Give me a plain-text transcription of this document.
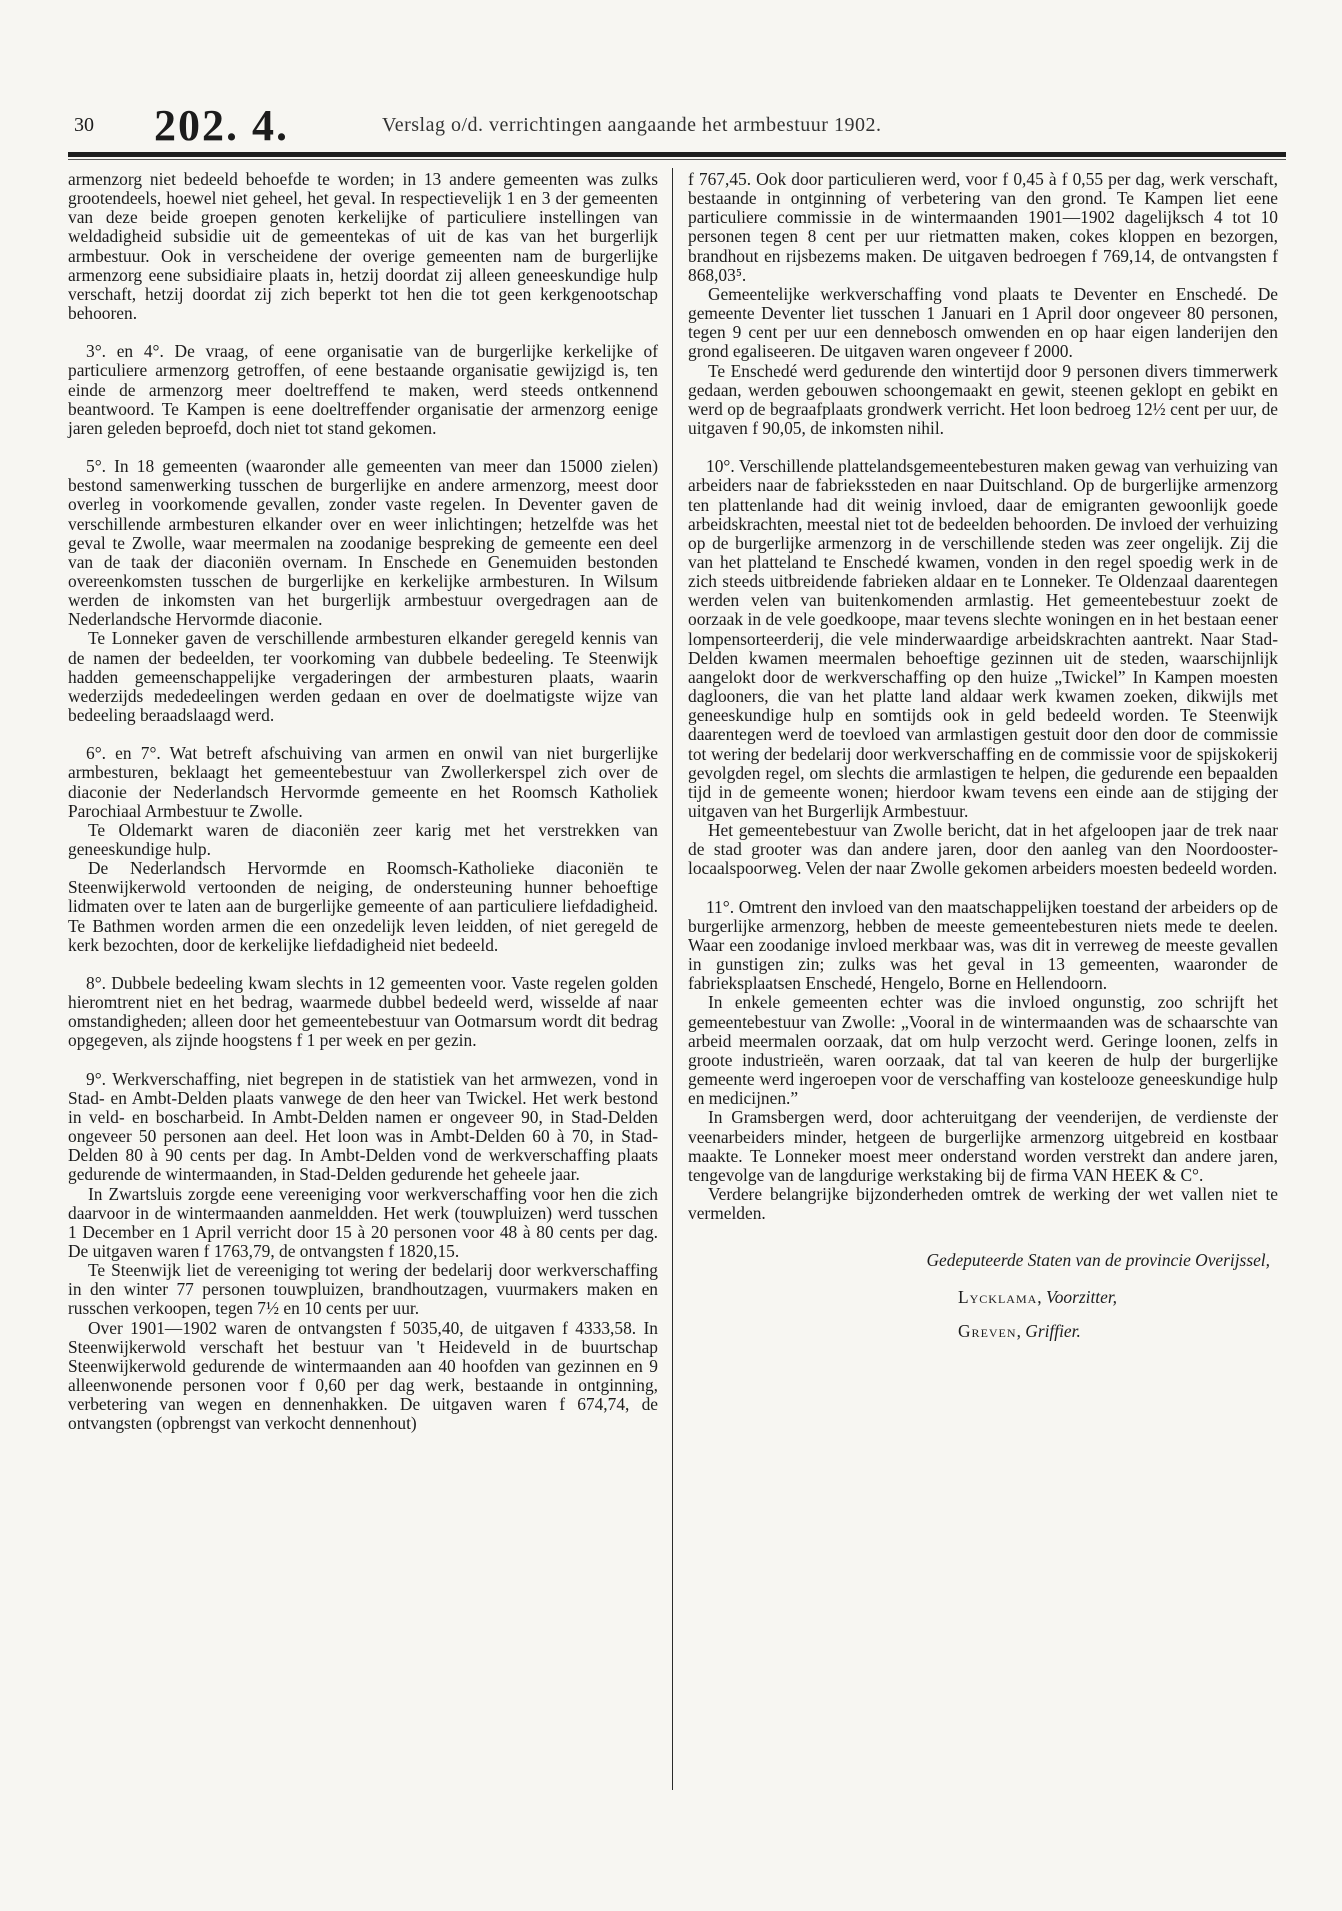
30 202. 4.	Verslag o/d. verrichtingen aangaande het armbestuur 1902.

armenzorg niet bedeeld behoefde te worden; in 13 andere gemeenten was zulks grootendeels, hoewel niet geheel, het geval. In respectievelijk 1 en 3 der gemeenten van deze beide groepen genoten kerkelijke of particuliere instellingen van weldadigheid subsidie uit de gemeentekas of uit de kas van het burgerlijk armbestuur. Ook in verscheidene der overige gemeenten nam de burgerlijke armenzorg eene subsidiaire plaats in, hetzij doordat zij alleen geneeskundige hulp verschaft, hetzij doordat zij zich beperkt tot hen die tot geen kerkgenootschap behooren.

3°. en 4°. De vraag, of eene organisatie van de burgerlijke kerkelijke of particuliere armenzorg getroffen, of eene bestaande organisatie gewijzigd is, ten einde de armenzorg meer doeltreffend te maken, werd steeds ontkennend beantwoord. Te Kampen is eene doeltreffender organisatie der armenzorg eenige jaren geleden beproefd, doch niet tot stand gekomen.

5°. In 18 gemeenten (waaronder alle gemeenten van meer dan 15000 zielen) bestond samenwerking tusschen de burgerlijke en andere armenzorg, meest door overleg in voorkomende gevallen, zonder vaste regelen. In Deventer gaven de verschillende armbesturen elkander over en weer inlichtingen; hetzelfde was het geval te Zwolle, waar meermalen na zoodanige bespreking de gemeente een deel van de taak der diaconiën overnam. In Enschede en Genemuiden bestonden overeenkomsten tusschen de burgerlijke en kerkelijke armbesturen. In Wilsum werden de inkomsten van het burgerlijk armbestuur overgedragen aan de Nederlandsche Hervormde diaconie.

Te Lonneker gaven de verschillende armbesturen elkander geregeld kennis van de namen der bedeelden, ter voorkoming van dubbele bedeeling. Te Steenwijk hadden gemeenschappelijke vergaderingen der armbesturen plaats, waarin wederzijds mededeelingen werden gedaan en over de doelmatigste wijze van bedeeling beraadslaagd werd.

6°. en 7°. Wat betreft afschuiving van armen en onwil van niet burgerlijke armbesturen, beklaagt het gemeentebestuur van Zwollerkerspel zich over de diaconie der Nederlandsch Hervormde gemeente en het Roomsch Katholiek Parochiaal Armbestuur te Zwolle.

Te Oldemarkt waren de diaconiën zeer karig met het verstrekken van geneeskundige hulp.

De Nederlandsch Hervormde en Roomsch-Katholieke diaconiën te Steenwijkerwold vertoonden de neiging, de ondersteuning hunner behoeftige lidmaten over te laten aan de burgerlijke gemeente of aan particuliere liefdadigheid. Te Bathmen worden armen die een onzedelijk leven leidden, of niet geregeld de kerk bezochten, door de kerkelijke liefdadigheid niet bedeeld.

8°. Dubbele bedeeling kwam slechts in 12 gemeenten voor. Vaste regelen golden hieromtrent niet en het bedrag, waarmede dubbel bedeeld werd, wisselde af naar omstandigheden; alleen door het gemeentebestuur van Ootmarsum wordt dit bedrag opgegeven, als zijnde hoogstens f 1 per week en per gezin.

9°. Werkverschaffing, niet begrepen in de statistiek van het armwezen, vond in Stad- en Ambt-Delden plaats vanwege de den heer van Twickel. Het werk bestond in veld- en boscharbeid. In Ambt-Delden namen er ongeveer 90, in Stad-Delden ongeveer 50 personen aan deel. Het loon was in Ambt-Delden 60 à 70, in Stad-Delden 80 à 90 cents per dag. In Ambt-Delden vond de werkverschaffing plaats gedurende de wintermaanden, in Stad-Delden gedurende het geheele jaar.

In Zwartsluis zorgde eene vereeniging voor werkverschaffing voor hen die zich daarvoor in de wintermaanden aanmeldden. Het werk (touwpluizen) werd tusschen 1 December en 1 April verricht door 15 à 20 personen voor 48 à 80 cents per dag. De uitgaven waren f 1763,79, de ontvangsten f 1820,15.

Te Steenwijk liet de vereeniging tot wering der bedelarij door werkverschaffing in den winter 77 personen touwpluizen, brandhoutzagen, vuurmakers maken en russchen verkoopen, tegen 7½ en 10 cents per uur.

Over 1901—1902 waren de ontvangsten f 5035,40, de uitgaven f 4333,58. In Steenwijkerwold verschaft het bestuur van 't Heideveld in de buurtschap Steenwijkerwold gedurende de wintermaanden aan 40 hoofden van gezinnen en 9 alleenwonende personen voor f 0,60 per dag werk, bestaande in ontginning, verbetering van wegen en dennenhakken. De uitgaven waren f 674,74, de ontvangsten (opbrengst van verkocht dennenhout)

f 767,45. Ook door particulieren werd, voor f 0,45 à f 0,55 per dag, werk verschaft, bestaande in ontginning of verbetering van den grond. Te Kampen liet eene particuliere commissie in de wintermaanden 1901—1902 dagelijksch 4 tot 10 personen tegen 8 cent per uur rietmatten maken, cokes kloppen en bezorgen, brandhout en rijsbezems maken. De uitgaven bedroegen f 769,14, de ontvangsten f 868,03⁵.

Gemeentelijke werkverschaffing vond plaats te Deventer en Enschedé. De gemeente Deventer liet tusschen 1 Januari en 1 April door ongeveer 80 personen, tegen 9 cent per uur een dennebosch omwenden en op haar eigen landerijen den grond egaliseeren. De uitgaven waren ongeveer f 2000.

Te Enschedé werd gedurende den wintertijd door 9 personen divers timmerwerk gedaan, werden gebouwen schoongemaakt en gewit, steenen geklopt en gebikt en werd op de begraafplaats grondwerk verricht. Het loon bedroeg 12½ cent per uur, de uitgaven f 90,05, de inkomsten nihil.

10°. Verschillende plattelandsgemeentebesturen maken gewag van verhuizing van arbeiders naar de fabriekssteden en naar Duitschland. Op de burgerlijke armenzorg ten plattenlande had dit weinig invloed, daar de emigranten gewoonlijk goede arbeidskrachten, meestal niet tot de bedeelden behoorden. De invloed der verhuizing op de burgerlijke armenzorg in de verschillende steden was zeer ongelijk. Zij die van het platteland te Enschedé kwamen, vonden in den regel spoedig werk in de zich steeds uitbreidende fabrieken aldaar en te Lonneker. Te Oldenzaal daarentegen werden velen van buitenkomenden armlastig. Het gemeentebestuur zoekt de oorzaak in de vele goedkoope, maar tevens slechte woningen en in het bestaan eener lompensorteerderij, die vele minderwaardige arbeidskrachten aantrekt. Naar Stad-Delden kwamen meermalen behoeftige gezinnen uit de steden, waarschijnlijk aangelokt door de werkverschaffing op den huize „Twickel” In Kampen moesten daglooners, die van het platte land aldaar werk kwamen zoeken, dikwijls met geneeskundige hulp en somtijds ook in geld bedeeld worden. Te Steenwijk daarentegen werd de toevloed van armlastigen gestuit door den door de commissie tot wering der bedelarij door werkverschaffing en de commissie voor de spijskokerij gevolgden regel, om slechts die armlastigen te helpen, die gedurende een bepaalden tijd in de gemeente wonen; hierdoor kwam tevens een einde aan de stijging der uitgaven van het Burgerlijk Armbestuur.

Het gemeentebestuur van Zwolle bericht, dat in het afgeloopen jaar de trek naar de stad grooter was dan andere jaren, door den aanleg van den Noordooster-locaalspoorweg. Velen der naar Zwolle gekomen arbeiders moesten bedeeld worden.

11°. Omtrent den invloed van den maatschappelijken toestand der arbeiders op de burgerlijke armenzorg, hebben de meeste gemeentebesturen niets mede te deelen. Waar een zoodanige invloed merkbaar was, was dit in verreweg de meeste gevallen in gunstigen zin; zulks was het geval in 13 gemeenten, waaronder de fabrieksplaatsen Enschedé, Hengelo, Borne en Hellendoorn.

In enkele gemeenten echter was die invloed ongunstig, zoo schrijft het gemeentebestuur van Zwolle: „Vooral in de wintermaanden was de schaarschte van arbeid meermalen oorzaak, dat om hulp verzocht werd. Geringe loonen, zelfs in groote industrieën, waren oorzaak, dat tal van keeren de hulp der burgerlijke gemeente werd ingeroepen voor de verschaffing van kostelooze geneeskundige hulp en medicijnen.”

In Gramsbergen werd, door achteruitgang der veenderijen, de verdienste der veenarbeiders minder, hetgeen de burgerlijke armenzorg uitgebreid en kostbaar maakte. Te Lonneker moest meer onderstand worden verstrekt dan andere jaren, tengevolge van de langdurige werkstaking bij de firma VAN HEEK & C°.

Verdere belangrijke bijzonderheden omtrek de werking der wet vallen niet te vermelden.

Gedeputeerde Staten van de provincie Overijssel,
Lycklama, Voorzitter,
Greven, Griffier.
